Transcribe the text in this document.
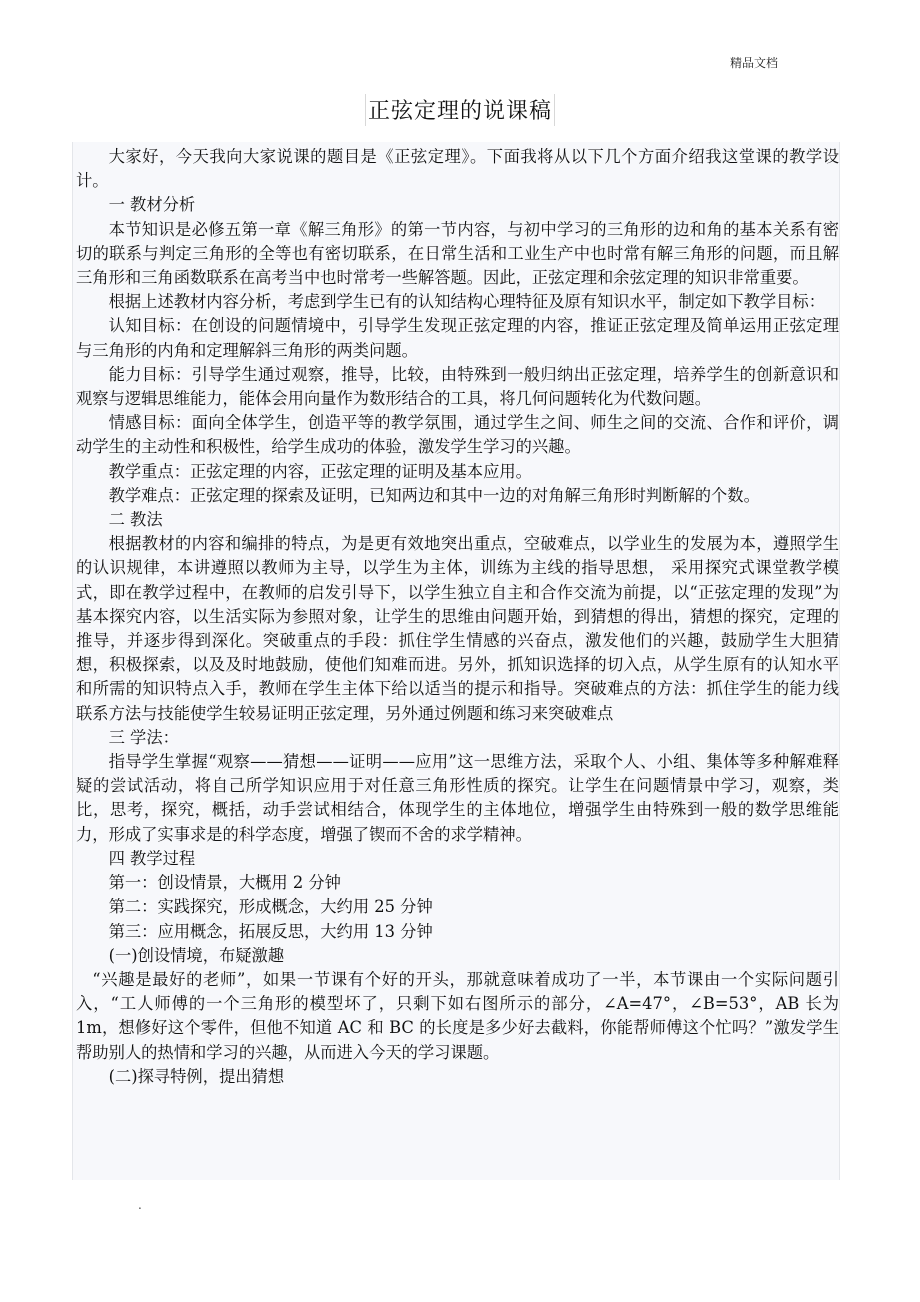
精品文档
正弦定理的说课稿

大家好，今天我向大家说课的题目是《正弦定理》。下面我将从以下几个方面介绍我这堂课的教学设计。

一 教材分析

本节知识是必修五第一章《解三角形》的第一节内容，与初中学习的三角形的边和角的基本关系有密切的联系与判定三角形的全等也有密切联系，在日常生活和工业生产中也时常有解三角形的问题，而且解三角形和三角函数联系在高考当中也时常考一些解答题。因此，正弦定理和余弦定理的知识非常重要。

根据上述教材内容分析，考虑到学生已有的认知结构心理特征及原有知识水平，制定如下教学目标：

认知目标：在创设的问题情境中，引导学生发现正弦定理的内容，推证正弦定理及简单运用正弦定理与三角形的内角和定理解斜三角形的两类问题。

能力目标：引导学生通过观察，推导，比较，由特殊到一般归纳出正弦定理，培养学生的创新意识和观察与逻辑思维能力，能体会用向量作为数形结合的工具，将几何问题转化为代数问题。

情感目标：面向全体学生，创造平等的教学氛围，通过学生之间、师生之间的交流、合作和评价，调动学生的主动性和积极性，给学生成功的体验，激发学生学习的兴趣。

教学重点：正弦定理的内容，正弦定理的证明及基本应用。

教学难点：正弦定理的探索及证明，已知两边和其中一边的对角解三角形时判断解的个数。

二 教法

根据教材的内容和编排的特点，为是更有效地突出重点，空破难点，以学业生的发展为本，遵照学生的认识规律，本讲遵照以教师为主导，以学生为主体，训练为主线的指导思想， 采用探究式课堂教学模式，即在教学过程中，在教师的启发引导下，以学生独立自主和合作交流为前提，以“正弦定理的发现”为基本探究内容，以生活实际为参照对象，让学生的思维由问题开始，到猜想的得出，猜想的探究，定理的推导，并逐步得到深化。突破重点的手段：抓住学生情感的兴奋点，激发他们的兴趣，鼓励学生大胆猜想，积极探索，以及及时地鼓励，使他们知难而进。另外，抓知识选择的切入点，从学生原有的认知水平和所需的知识特点入手，教师在学生主体下给以适当的提示和指导。突破难点的方法：抓住学生的能力线联系方法与技能使学生较易证明正弦定理，另外通过例题和练习来突破难点

三 学法：

指导学生掌握“观察——猜想——证明——应用”这一思维方法，采取个人、小组、集体等多种解难释疑的尝试活动，将自己所学知识应用于对任意三角形性质的探究。让学生在问题情景中学习，观察，类比，思考，探究，概括，动手尝试相结合，体现学生的主体地位，增强学生由特殊到一般的数学思维能力，形成了实事求是的科学态度，增强了锲而不舍的求学精神。

四 教学过程

第一：创设情景，大概用 2 分钟

第二：实践探究，形成概念，大约用 25 分钟

第三：应用概念，拓展反思，大约用 13 分钟

(一)创设情境，布疑激趣

“兴趣是最好的老师”，如果一节课有个好的开头，那就意味着成功了一半，本节课由一个实际问题引入，“工人师傅的一个三角形的模型坏了，只剩下如右图所示的部分，∠A=47°，∠B=53°，AB 长为 1m，想修好这个零件，但他不知道 AC 和 BC 的长度是多少好去截料，你能帮师傅这个忙吗？”激发学生帮助别人的热情和学习的兴趣，从而进入今天的学习课题。

(二)探寻特例，提出猜想

.
